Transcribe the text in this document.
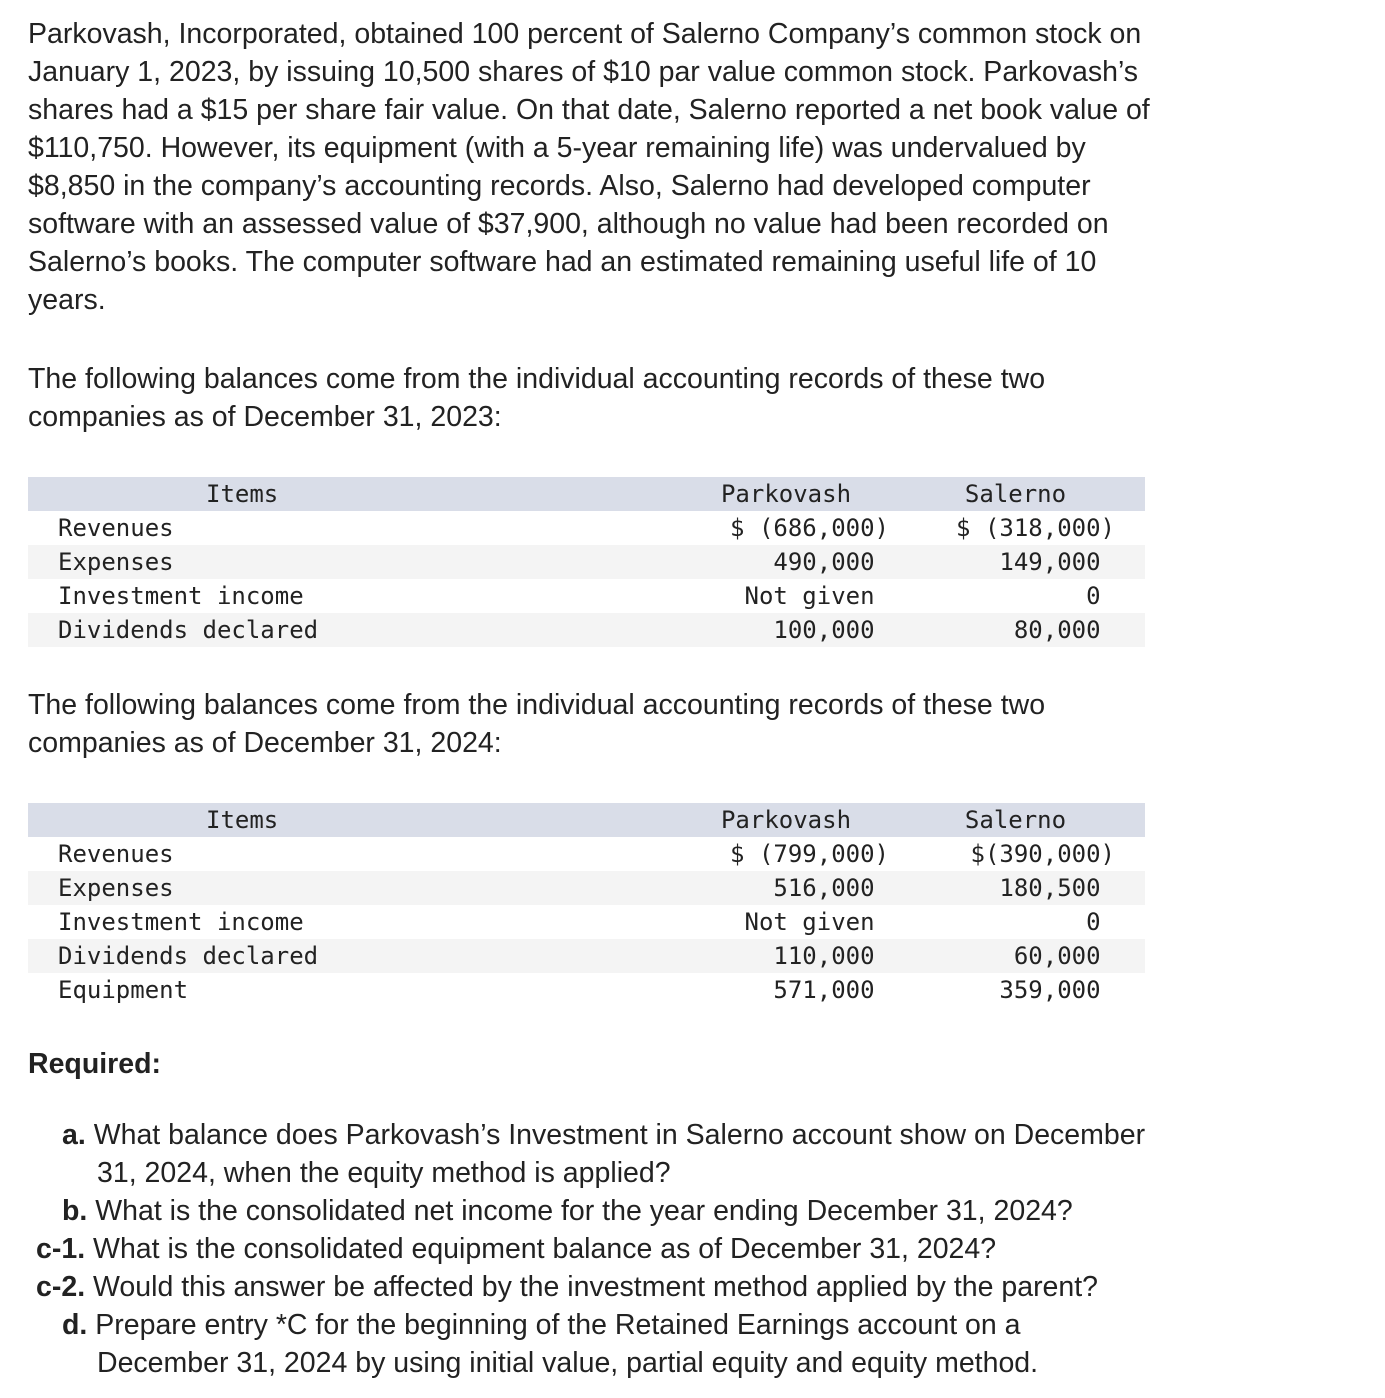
Parkovash, Incorporated, obtained 100 percent of Salerno Company’s common stock on
January 1, 2023, by issuing 10,500 shares of $10 par value common stock. Parkovash’s
shares had a $15 per share fair value. On that date, Salerno reported a net book value of
$110,750. However, its equipment (with a 5-year remaining life) was undervalued by
$8,850 in the company’s accounting records. Also, Salerno had developed computer
software with an assessed value of $37,900, although no value had been recorded on
Salerno’s books. The computer software had an estimated remaining useful life of 10
years.

The following balances come from the individual accounting records of these two
companies as of December 31, 2023:

Items	Parkovash	Salerno
Revenues	$ (686,000)	$ (318,000)
Expenses	490,000	149,000
Investment income	Not given	0
Dividends declared	100,000	80,000

The following balances come from the individual accounting records of these two
companies as of December 31, 2024:

Items	Parkovash	Salerno
Revenues	$ (799,000)	$(390,000)
Expenses	516,000	180,500
Investment income	Not given	0
Dividends declared	110,000	60,000
Equipment	571,000	359,000

Required:

a. What balance does Parkovash’s Investment in Salerno account show on December
31, 2024, when the equity method is applied?

b. What is the consolidated net income for the year ending December 31, 2024?

c-1. What is the consolidated equipment balance as of December 31, 2024?

c-2. Would this answer be affected by the investment method applied by the parent?

d. Prepare entry *C for the beginning of the Retained Earnings account on a
December 31, 2024 by using initial value, partial equity and equity method.
